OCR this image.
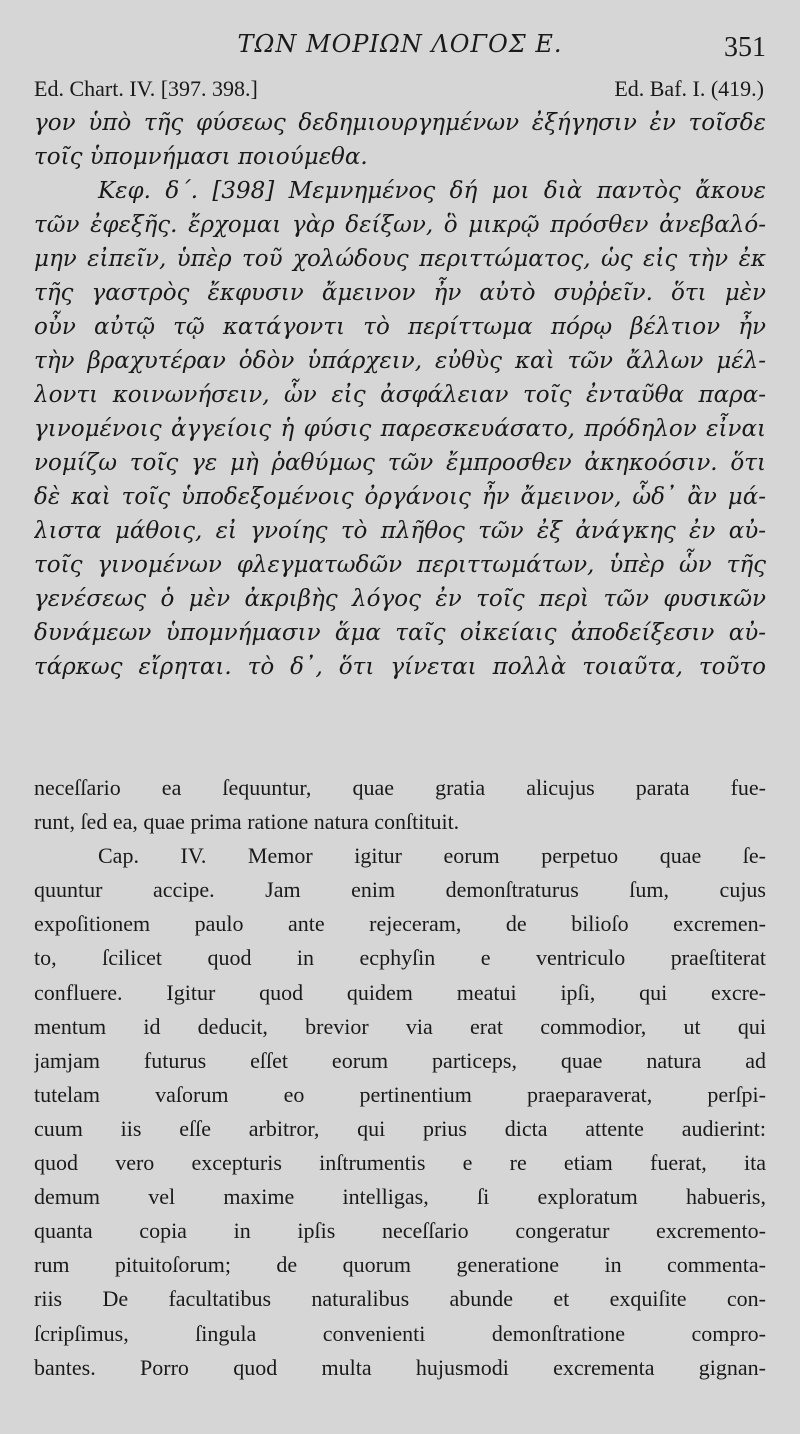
ΤΩΝ ΜΟΡΙΩΝ ΛΟΓΟΣ Ε.	351
Ed. Chart. IV. [397. 398.]	Ed. Baf. I. (419.)
γον ὑπὸ τῆς φύσεως δεδημιουργημένων ἐξήγησιν ἐν τοῖσδε
τοῖς ὑπομνήμασι ποιούμεθα.
Κεφ. δ΄. [398] Μεμνημένος δή μοι διὰ παντὸς ἄκουε
τῶν ἐφεξῆς. ἔρχομαι γὰρ δείξων, ὃ μικρῷ πρόσθεν ἀνεβαλό-
μην εἰπεῖν, ὑπὲρ τοῦ χολώδους περιττώματος, ὡς εἰς τὴν ἐκ
τῆς γαστρὸς ἔκφυσιν ἄμεινον ἦν αὐτὸ συῤῥεῖν. ὅτι μὲν
οὖν αὐτῷ τῷ κατάγοντι τὸ περίττωμα πόρῳ βέλτιον ἦν
τὴν βραχυτέραν ὁδὸν ὑπάρχειν, εὐθὺς καὶ τῶν ἄλλων μέλ-
λοντι κοινωνήσειν, ὧν εἰς ἀσφάλειαν τοῖς ἐνταῦθα παρα-
γινομένοις ἀγγείοις ἡ φύσις παρεσκευάσατο, πρόδηλον εἶναι
νομίζω τοῖς γε μὴ ῥαθύμως τῶν ἔμπροσθεν ἀκηκοόσιν. ὅτι
δὲ καὶ τοῖς ὑποδεξομένοις ὀργάνοις ἦν ἄμεινον, ὧδ᾽ ἂν μά-
λιστα μάθοις, εἰ γνοίης τὸ πλῆθος τῶν ἐξ ἀνάγκης ἐν αὐ-
τοῖς γινομένων φλεγματωδῶν περιττωμάτων, ὑπὲρ ὧν τῆς
γενέσεως ὁ μὲν ἀκριβὴς λόγος ἐν τοῖς περὶ τῶν φυσικῶν
δυνάμεων ὑπομνήμασιν ἅμα ταῖς οἰκείαις ἀποδείξεσιν αὐ-
τάρκως εἴρηται. τὸ δ᾽, ὅτι γίνεται πολλὰ τοιαῦτα, τοῦτο
neceſſario ea ſequuntur, quae gratia alicujus parata fue-
runt, ſed ea, quae prima ratione natura conſtituit.
Cap. IV. Memor igitur eorum perpetuo quae ſe-
quuntur accipe. Jam enim demonſtraturus ſum, cujus
expoſitionem paulo ante rejeceram, de bilioſo excremen-
to, ſcilicet quod in ecphyſin e ventriculo praeſtiterat
confluere. Igitur quod quidem meatui ipſi, qui excre-
mentum id deducit, brevior via erat commodior, ut qui
jamjam futurus eſſet eorum particeps, quae natura ad
tutelam vaſorum eo pertinentium praeparaverat, perſpi-
cuum iis eſſe arbitror, qui prius dicta attente audierint:
quod vero excepturis inſtrumentis e re etiam fuerat, ita
demum vel maxime intelligas, ſi exploratum habueris,
quanta copia in ipſis neceſſario congeratur excremento-
rum pituitoſorum; de quorum generatione in commenta-
riis De facultatibus naturalibus abunde et exquiſite con-
ſcripſimus, ſingula convenienti demonſtratione compro-
bantes. Porro quod multa hujusmodi excrementa gignan-
